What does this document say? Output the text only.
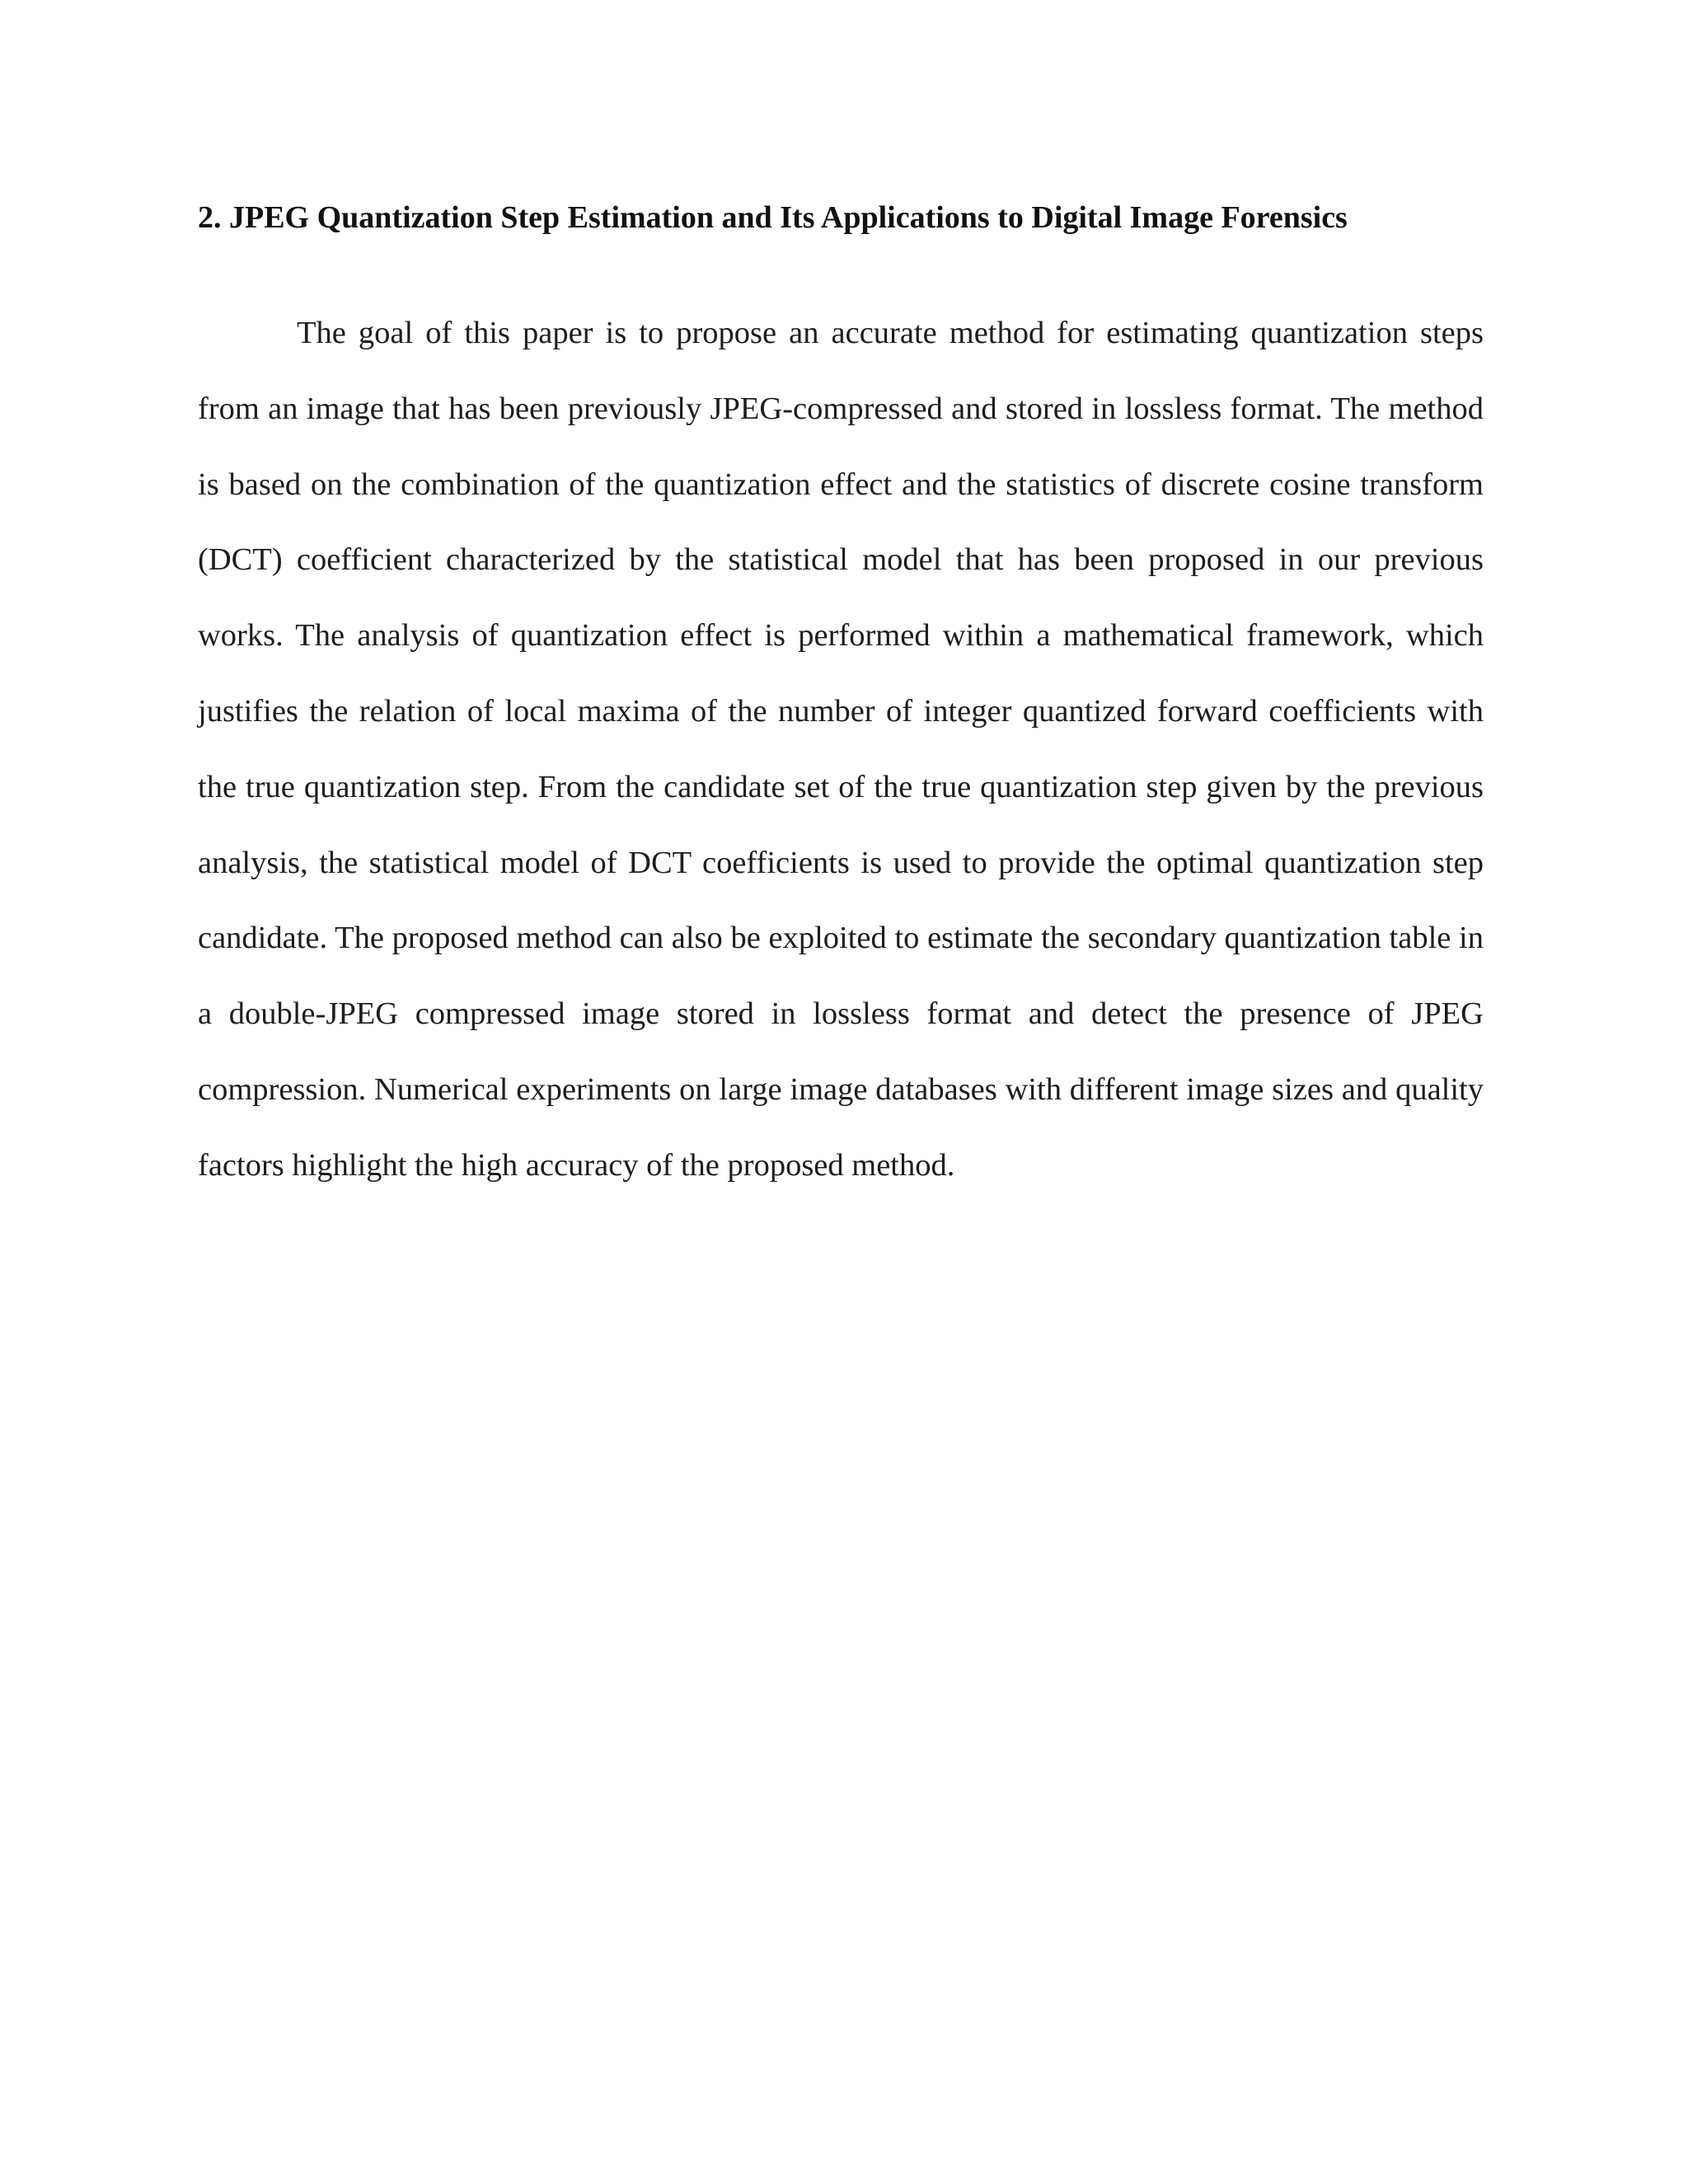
2. JPEG Quantization Step Estimation and Its Applications to Digital Image Forensics

The goal of this paper is to propose an accurate method for estimating quantization steps from an image that has been previously JPEG-compressed and stored in lossless format. The method is based on the combination of the quantization effect and the statistics of discrete cosine transform (DCT) coefficient characterized by the statistical model that has been proposed in our previous works. The analysis of quantization effect is performed within a mathematical framework, which justifies the relation of local maxima of the number of integer quantized forward coefficients with the true quantization step. From the candidate set of the true quantization step given by the previous analysis, the statistical model of DCT coefficients is used to provide the optimal quantization step candidate. The proposed method can also be exploited to estimate the secondary quantization table in a double-JPEG compressed image stored in lossless format and detect the presence of JPEG compression. Numerical experiments on large image databases with different image sizes and quality factors highlight the high accuracy of the proposed method.
